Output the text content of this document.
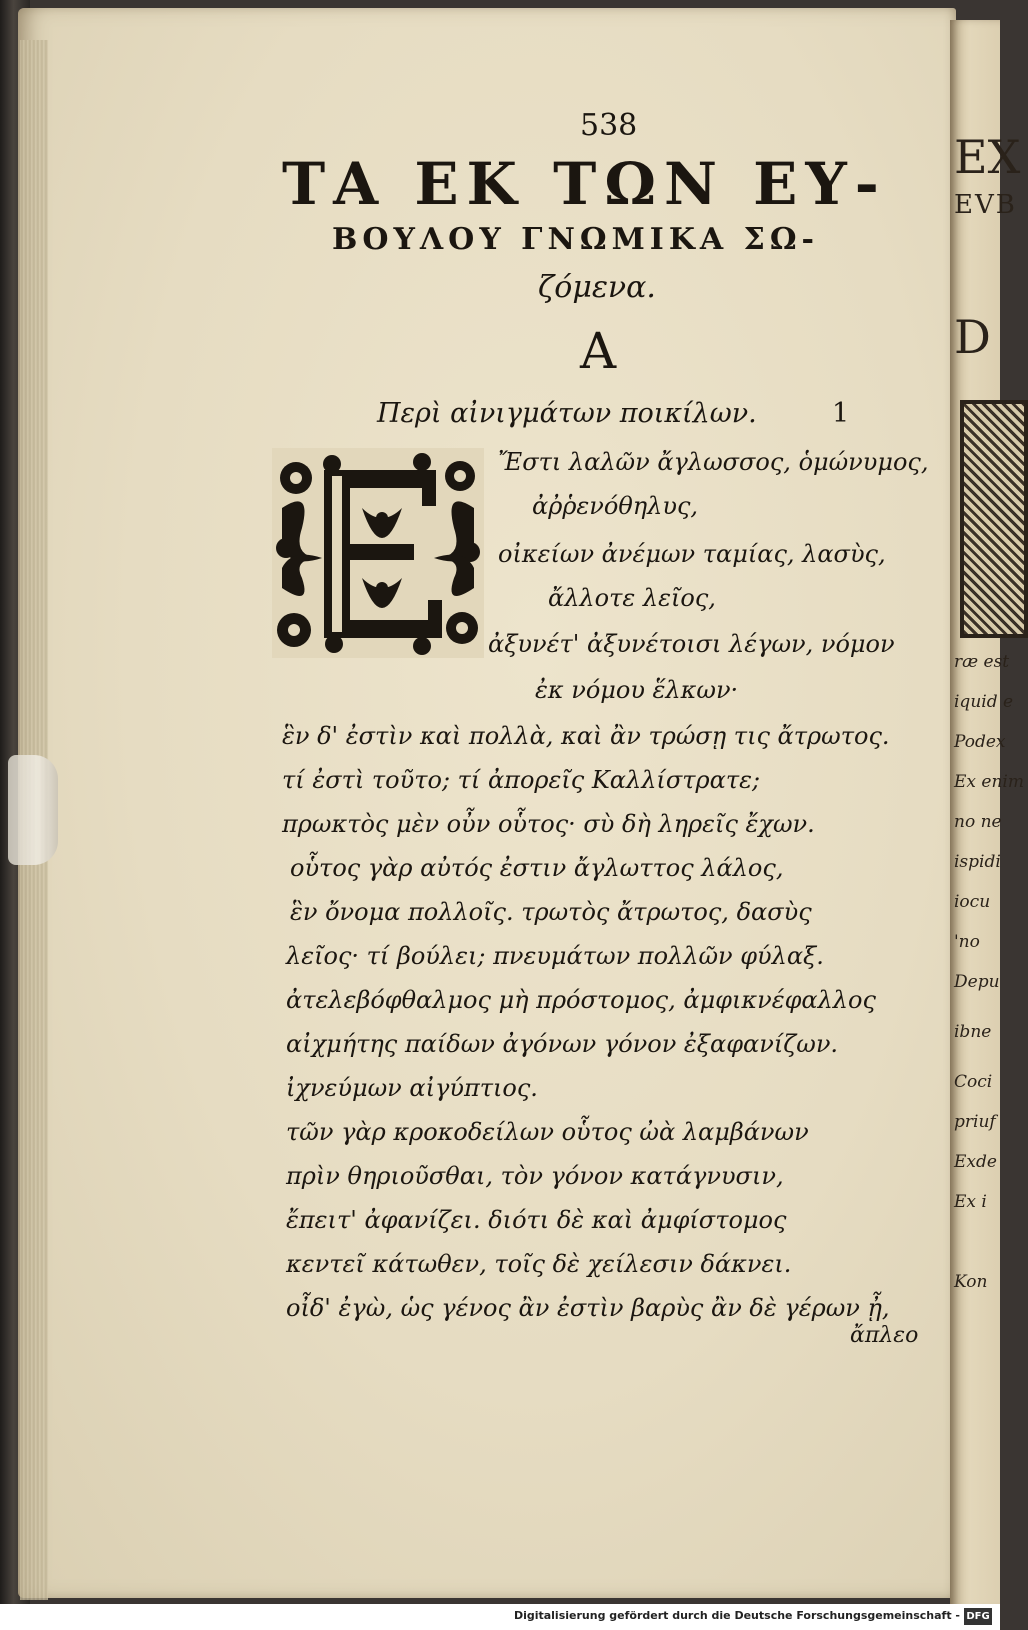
EX
EVB
D
ræ est
iquid e
Podex
Ex enim
no ne
ispidi
iocu
'no
Depu
ibne
Coci
priuf
Exde
Ex i
Kon
538
ΤΑ ΕΚ ΤΩΝ ΕΥ-
ΒΟΥΛΟΥ ΓΝΩΜΙΚΑ ΣΩ-
ζόμενα.
Α
Περὶ αἰνιγμάτων ποικίλων.	1
Ἔστι λαλῶν ἄγλωσσος, ὁμώνυμος,
ἀῤῥενόθηλυς,
οἰκείων ἀνέμων ταμίας, λασὺς,
ἄλλοτε λεῖος,
ἀξυνέτ' ἀξυνέτοισι λέγων, νόμον
ἐκ νόμου ἕλκων·
ἓν δ' ἐστὶν καὶ πολλὰ, καὶ ἂν τρώσῃ τις ἄτρωτος.
τί ἐστὶ τοῦτο; τί ἀπορεῖς Καλλίστρατε;
πρωκτὸς μὲν οὖν οὗτος· σὺ δὴ ληρεῖς ἔχων.
οὗτος γὰρ αὐτός ἐστιν ἄγλωττος λάλος,
ἓν ὄνομα πολλοῖς. τρωτὸς ἄτρωτος, δασὺς
λεῖος· τί βούλει; πνευμάτων πολλῶν φύλαξ.
ἀτελεβόφθαλμος μὴ πρόστομος, ἀμφικνέφαλλος
αἰχμήτης παίδων ἀγόνων γόνον ἐξαφανίζων.
ἰχνεύμων αἰγύπτιος.
τῶν γὰρ κροκοδείλων οὗτος ὠὰ λαμβάνων
πρὶν θηριοῦσθαι, τὸν γόνον κατάγνυσιν,
ἔπειτ' ἀφανίζει. διότι δὲ καὶ ἀμφίστομος
κεντεῖ κάτωθεν, τοῖς δὲ χείλεσιν δάκνει.
οἶδ' ἐγὼ, ὡς γένος ἂν ἐστὶν βαρὺς ἂν δὲ γέρων ᾖ,
ἄπλεο
Digitalisierung gefördert durch die Deutsche Forschungsgemeinschaft - DFG
